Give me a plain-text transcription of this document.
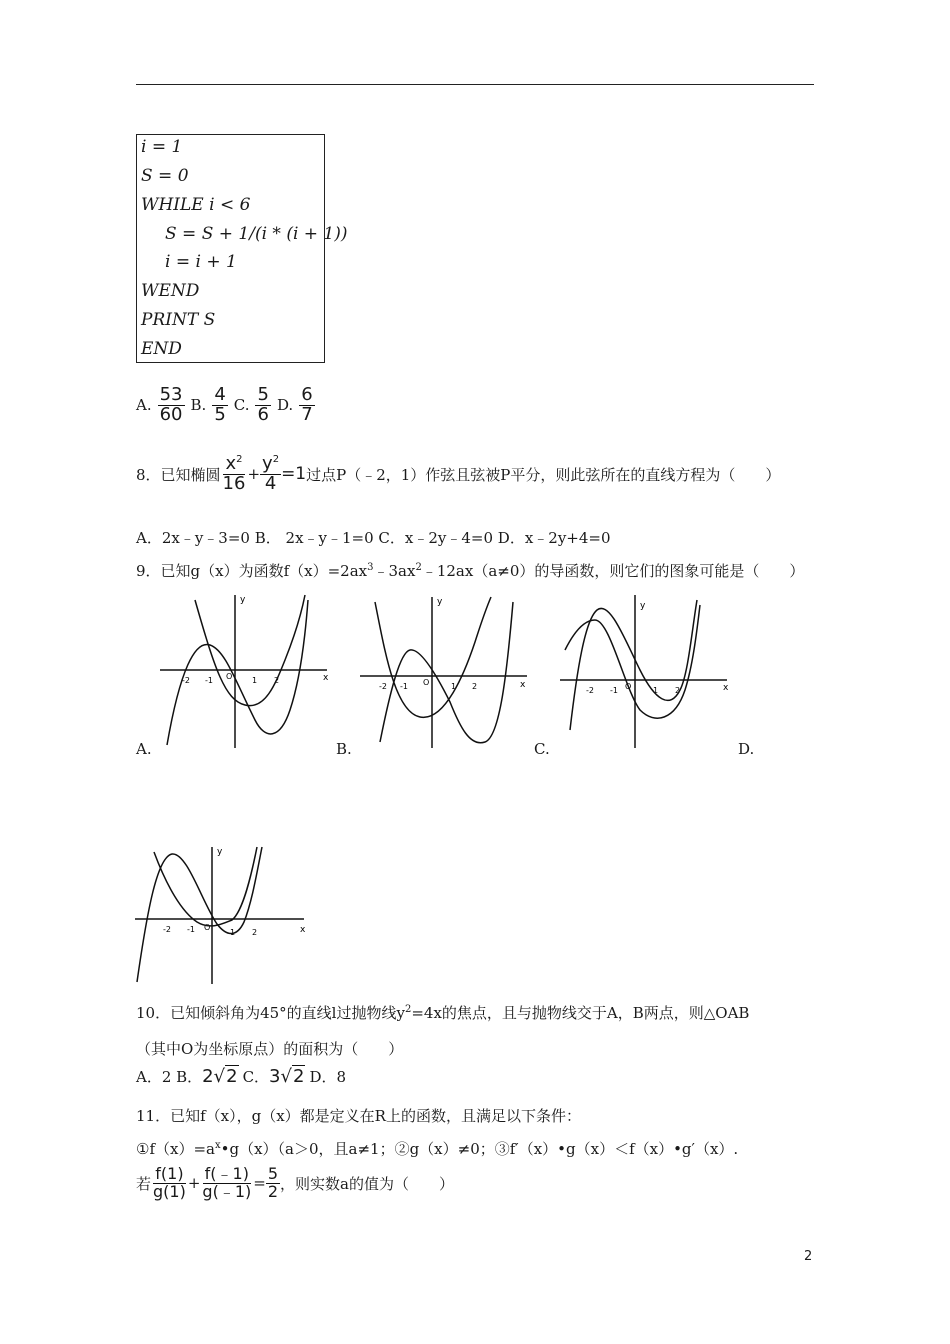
i = 1
S = 0
WHILE i < 6
S = S + 1/(i * (i + 1))
i = i + 1
WEND
PRINT S
END
A. $\frac{53}{60} B$. $\frac{4}{5} C$. $\frac{5}{6} D$. $\frac{6}{7}$
8．已知椭圆 $\frac{x^2}{16} + \frac{y^2}{4} =1$ 过点P（﹣2，1）作弦且弦被P平分，则此弦所在的直线方程为（　　）
A．2x﹣y﹣3=0 B． 2x﹣y﹣1=0 C．x﹣2y﹣4=0 D．x﹣2y+4=0
9．已知g（x）为函数$f(x)=2ax^3﹣3ax^2﹣12ax(a\ne 0)$的导函数，则它们的图象可能是（　　）
A.	B.	C.	D.
x
y
O
-2 -1	1 2	x
y
O
-2 -1	1 2	x
y
O
-2 -1	1 2
x
y
O
-2 -1	1 2
10．已知倾斜角为45°的直线l过抛物线$y^2=4x$的焦点，且与抛物线交于A，B两点，则△OAB
（其中O为坐标原点）的面积为（　　）
A．2 B． 2√2 C． 3√2 D．8
11．已知f（x），g（x）都是定义在R上的函数，且满足以下条件：
$①f(x)=a^x•g(x)(a>0$，且a≠1；②g（x）≠0；③f′（x）•g（x）＜f（x）•g′（x）.
若 $\frac{f(1)}{g(1)} + \frac{f(﹣1)}{g(﹣1)} = \frac{5}{2}$ ，则实数a的值为（　　）
2
